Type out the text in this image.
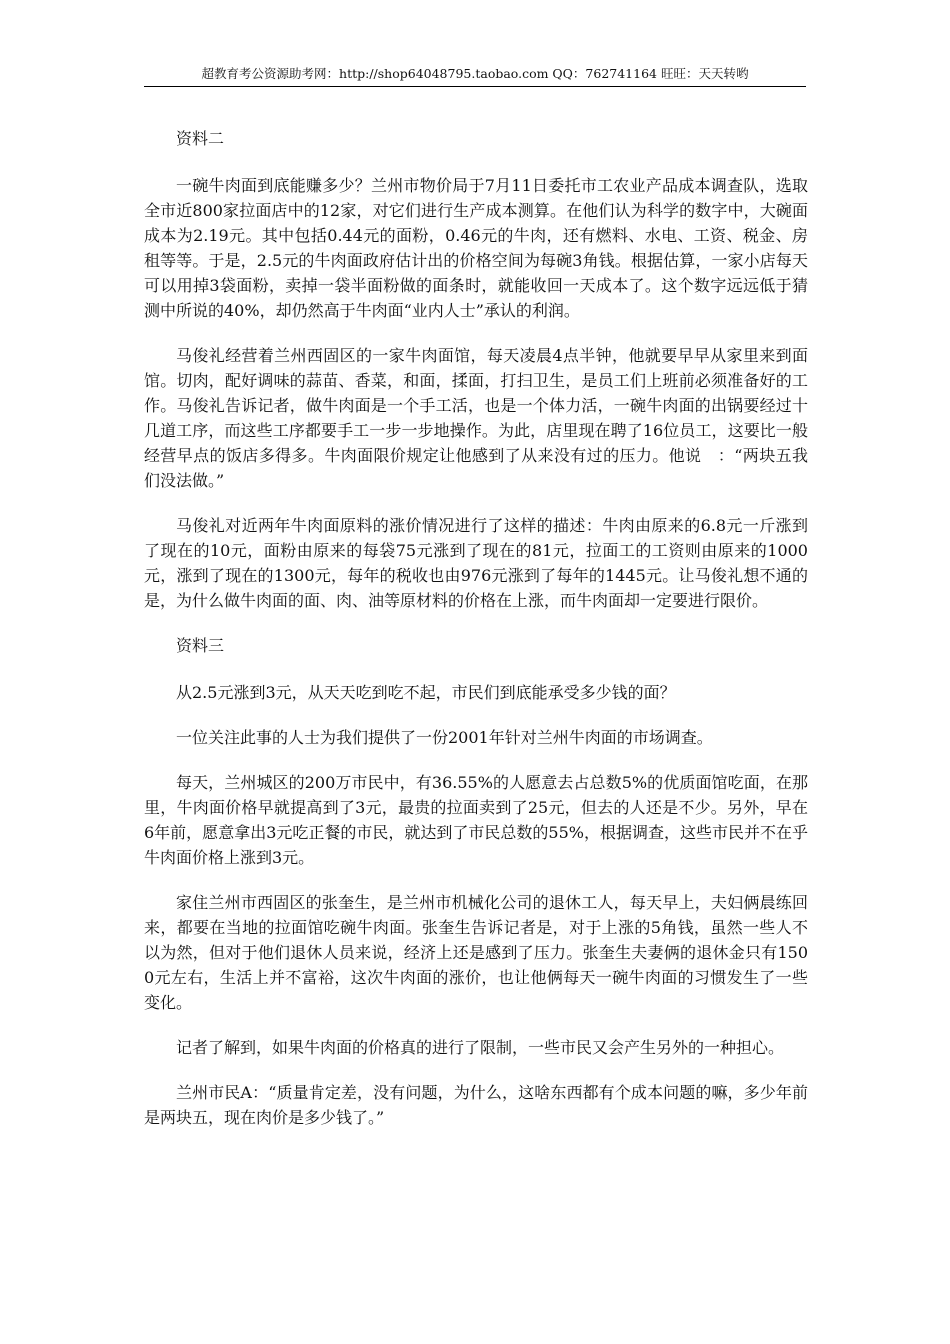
超教育考公资源助考网：http://shop64048795.taobao.com QQ：762741164 旺旺：天天转哟

资料二

一碗牛肉面到底能赚多少？兰州市物价局于7月11日委托市工农业产品成本调查队，选取全市近800家拉面店中的12家，对它们进行生产成本测算。在他们认为科学的数字中，大碗面成本为2.19元。其中包括0.44元的面粉，0.46元的牛肉，还有燃料、水电、工资、税金、房租等等。于是，2.5元的牛肉面政府估计出的价格空间为每碗3角钱。根据估算，一家小店每天可以用掉3袋面粉，卖掉一袋半面粉做的面条时，就能收回一天成本了。这个数字远远低于猜测中所说的40%，却仍然高于牛肉面“业内人士”承认的利润。

马俊礼经营着兰州西固区的一家牛肉面馆，每天凌晨4点半钟，他就要早早从家里来到面馆。切肉，配好调味的蒜苗、香菜，和面，揉面，打扫卫生，是员工们上班前必须准备好的工作。马俊礼告诉记者，做牛肉面是一个手工活，也是一个体力活，一碗牛肉面的出锅要经过十几道工序，而这些工序都要手工一步一步地操作。为此，店里现在聘了16位员工，这要比一般经营早点的饭店多得多。牛肉面限价规定让他感到了从来没有过的压力。他说　：“两块五我们没法做。”

马俊礼对近两年牛肉面原料的涨价情况进行了这样的描述：牛肉由原来的6.8元一斤涨到了现在的10元，面粉由原来的每袋75元涨到了现在的81元，拉面工的工资则由原来的1000元，涨到了现在的1300元，每年的税收也由976元涨到了每年的1445元。让马俊礼想不通的是，为什么做牛肉面的面、肉、油等原材料的价格在上涨，而牛肉面却一定要进行限价。

资料三

从2.5元涨到3元，从天天吃到吃不起，市民们到底能承受多少钱的面？

一位关注此事的人士为我们提供了一份2001年针对兰州牛肉面的市场调查。

每天，兰州城区的200万市民中，有36.55%的人愿意去占总数5%的优质面馆吃面，在那里，牛肉面价格早就提高到了3元，最贵的拉面卖到了25元，但去的人还是不少。另外，早在6年前，愿意拿出3元吃正餐的市民，就达到了市民总数的55%，根据调查，这些市民并不在乎牛肉面价格上涨到3元。

家住兰州市西固区的张奎生，是兰州市机械化公司的退休工人，每天早上，夫妇俩晨练回来，都要在当地的拉面馆吃碗牛肉面。张奎生告诉记者是，对于上涨的5角钱，虽然一些人不以为然，但对于他们退休人员来说，经济上还是感到了压力。张奎生夫妻俩的退休金只有1500元左右，生活上并不富裕，这次牛肉面的涨价，也让他俩每天一碗牛肉面的习惯发生了一些变化。

记者了解到，如果牛肉面的价格真的进行了限制，一些市民又会产生另外的一种担心。

兰州市民A：“质量肯定差，没有问题，为什么，这啥东西都有个成本问题的嘛，多少年前是两块五，现在肉价是多少钱了。”
